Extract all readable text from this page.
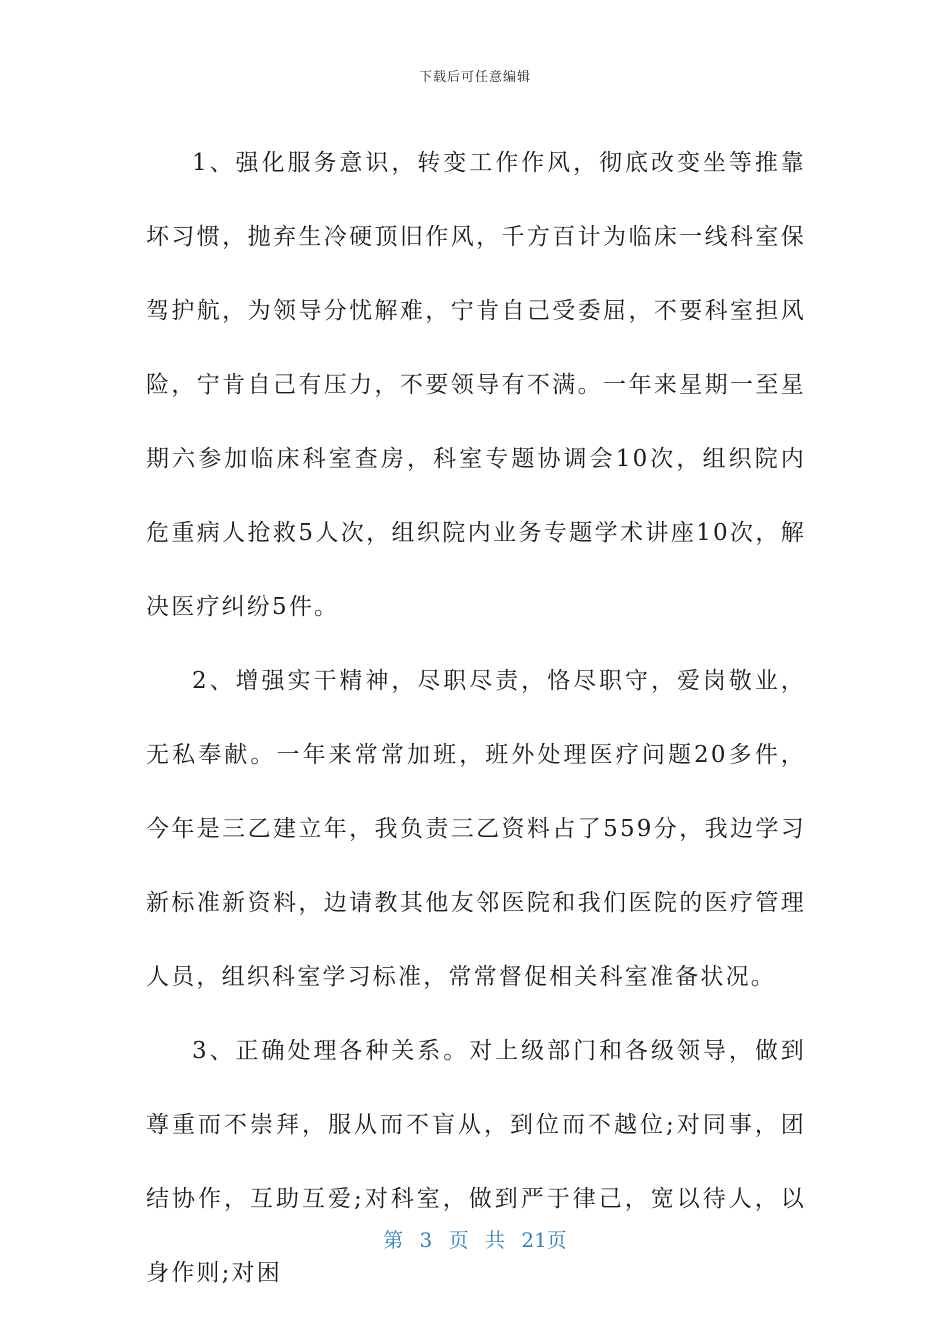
下载后可任意编辑

1、强化服务意识，转变工作作风，彻底改变坐等推靠坏习惯，抛弃生冷硬顶旧作风，千方百计为临床一线科室保驾护航，为领导分忧解难，宁肯自己受委屈，不要科室担风险，宁肯自己有压力，不要领导有不满。一年来星期一至星期六参加临床科室查房，科室专题协调会10次，组织院内危重病人抢救5人次，组织院内业务专题学术讲座10次，解决医疗纠纷5件。

2、增强实干精神，尽职尽责，恪尽职守，爱岗敬业，无私奉献。一年来常常加班，班外处理医疗问题20多件，今年是三乙建立年，我负责三乙资料占了559分，我边学习新标准新资料，边请教其他友邻医院和我们医院的医疗管理人员，组织科室学习标准，常常督促相关科室准备状况。

3、正确处理各种关系。对上级部门和各级领导，做到尊重而不崇拜，服从而不盲从，到位而不越位;对同事，团结协作，互助互爱;对科室，做到严于律己，宽以待人，以身作则;对困

第 3 页 共 21页
